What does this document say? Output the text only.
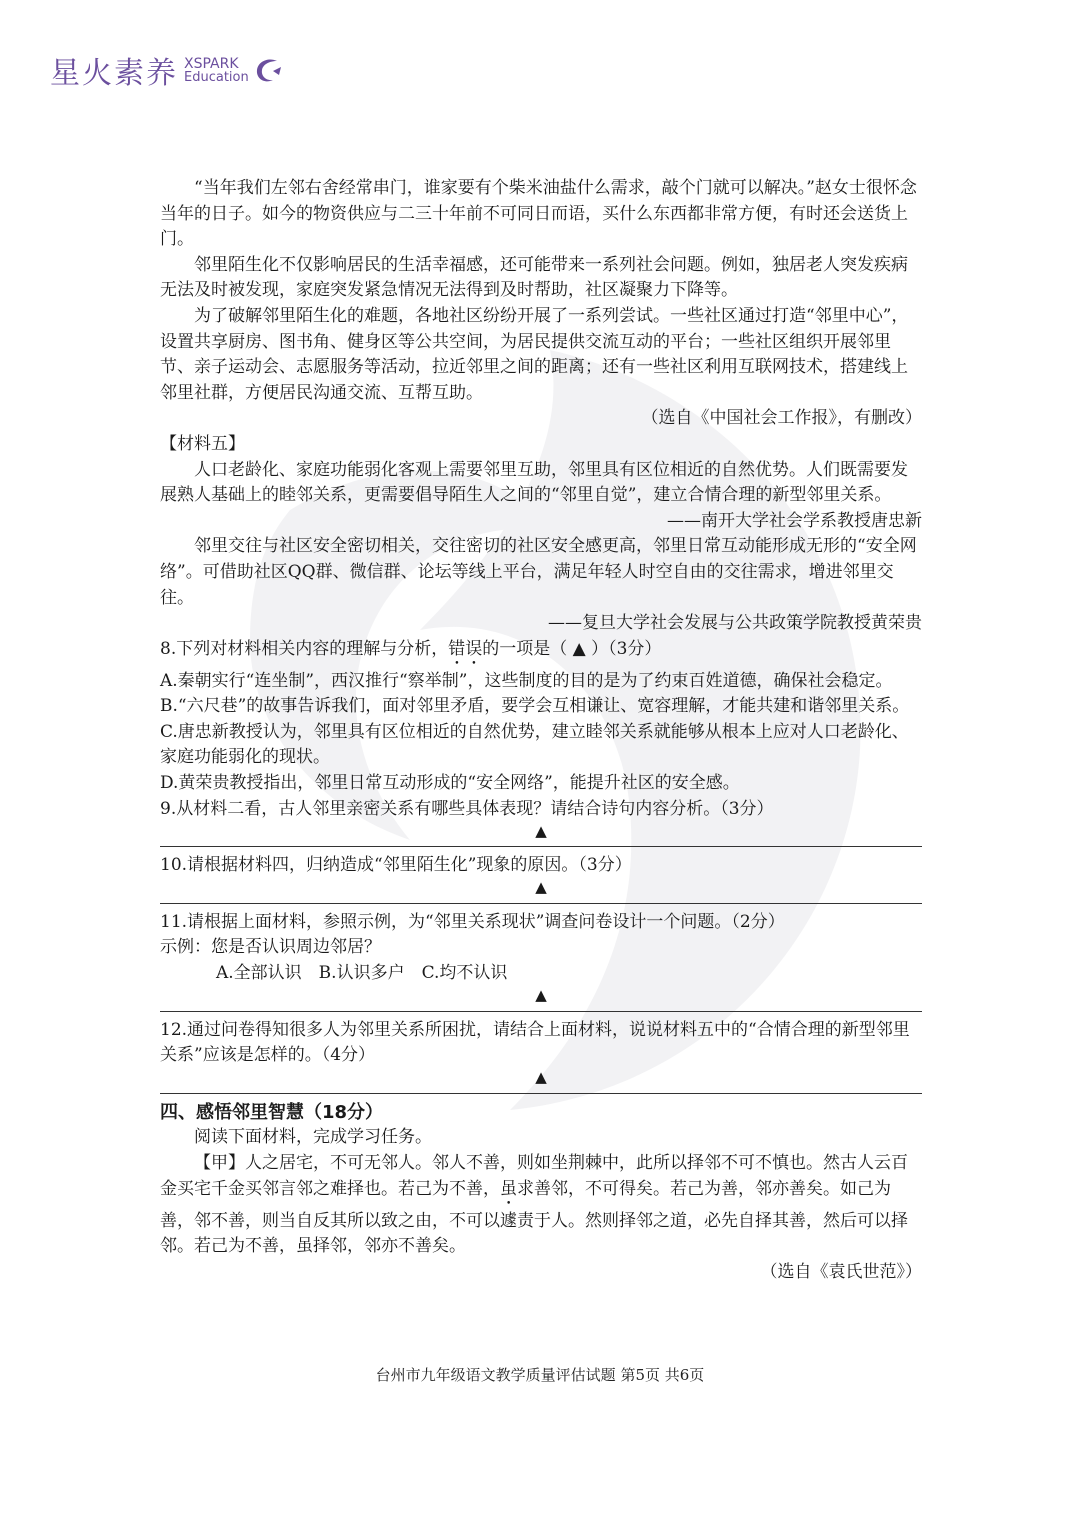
星火素养 XSPARK
Education

“当年我们左邻右舍经常串门，谁家要有个柴米油盐什么需求，敲个门就可以解决。”赵女士很怀念当年的日子。如今的物资供应与二三十年前不可同日而语，买什么东西都非常方便，有时还会送货上门。

邻里陌生化不仅影响居民的生活幸福感，还可能带来一系列社会问题。例如，独居老人突发疾病无法及时被发现，家庭突发紧急情况无法得到及时帮助，社区凝聚力下降等。

为了破解邻里陌生化的难题，各地社区纷纷开展了一系列尝试。一些社区通过打造“邻里中心”，设置共享厨房、图书角、健身区等公共空间，为居民提供交流互动的平台；一些社区组织开展邻里节、亲子运动会、志愿服务等活动，拉近邻里之间的距离；还有一些社区利用互联网技术，搭建线上邻里社群，方便居民沟通交流、互帮互助。

（选自《中国社会工作报》，有删改）

【材料五】

人口老龄化、家庭功能弱化客观上需要邻里互助，邻里具有区位相近的自然优势。人们既需要发展熟人基础上的睦邻关系，更需要倡导陌生人之间的“邻里自觉”，建立合情合理的新型邻里关系。

——南开大学社会学系教授唐忠新

邻里交往与社区安全密切相关，交往密切的社区安全感更高，邻里日常互动能形成无形的“安全网络”。可借助社区QQ群、微信群、论坛等线上平台，满足年轻人时空自由的交往需求，增进邻里交往。

——复旦大学社会发展与公共政策学院教授黄荣贵

8.下列对材料相关内容的理解与分析，错误的一项是（ ▲ ）（3分）

A.秦朝实行“连坐制”，西汉推行“察举制”，这些制度的目的是为了约束百姓道德，确保社会稳定。

B.“六尺巷”的故事告诉我们，面对邻里矛盾，要学会互相谦让、宽容理解，才能共建和谐邻里关系。

C.唐忠新教授认为，邻里具有区位相近的自然优势，建立睦邻关系就能够从根本上应对人口老龄化、家庭功能弱化的现状。

D.黄荣贵教授指出，邻里日常互动形成的“安全网络”，能提升社区的安全感。

9.从材料二看，古人邻里亲密关系有哪些具体表现？请结合诗句内容分析。（3分）

▲

10.请根据材料四，归纳造成“邻里陌生化”现象的原因。（3分）

▲

11.请根据上面材料，参照示例，为“邻里关系现状”调查问卷设计一个问题。（2分）

示例：您是否认识周边邻居？

A.全部认识　B.认识多户　C.均不认识

▲

12.通过问卷得知很多人为邻里关系所困扰，请结合上面材料，说说材料五中的“合情合理的新型邻里关系”应该是怎样的。（4分）

▲

四、感悟邻里智慧（18分）

阅读下面材料，完成学习任务。

【甲】人之居宅，不可无邻人。邻人不善，则如坐荆棘中，此所以择邻不可不慎也。然古人云百金买宅千金买邻言邻之难择也。若己为不善，虽求善邻，不可得矣。若己为善，邻亦善矣。如己为善，邻不善，则当自反其所以致之由，不可以遽责于人。然则择邻之道，必先自择其善，然后可以择邻。若己为不善，虽择邻，邻亦不善矣。

（选自《袁氏世范》）

台州市九年级语文教学质量评估试题 第5页 共6页
